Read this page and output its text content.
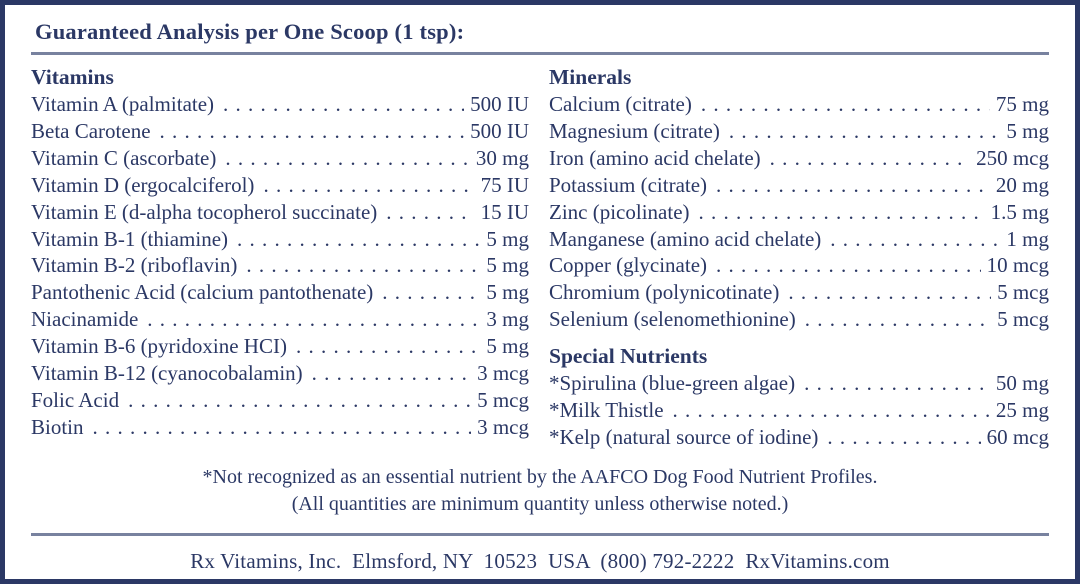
Guaranteed Analysis per One Scoop (1 tsp):
Vitamins
Vitamin A (palmitate) . .	500 IU
Beta Carotene . .	500 IU
Vitamin C (ascorbate) . .	30 mg
Vitamin D (ergocalciferol) . .	75 IU
Vitamin E (d-alpha tocopherol succinate) . .	15 IU
Vitamin B-1 (thiamine) . .	5 mg
Vitamin B-2 (riboflavin) . .	5 mg
Pantothenic Acid (calcium pantothenate) . .	5 mg
Niacinamide . .	3 mg
Vitamin B-6 (pyridoxine HCI) . .	5 mg
Vitamin B-12 (cyanocobalamin) . .	3 mcg
Folic Acid . .	5 mcg
Biotin . .	3 mcg
Minerals
Calcium (citrate) . .	75 mg
Magnesium (citrate) . .	5 mg
Iron (amino acid chelate) . .	250 mcg
Potassium (citrate) . .	20 mg
Zinc (picolinate) . .	1.5 mg
Manganese (amino acid chelate) . .	1 mg
Copper (glycinate) . .	10 mcg
Chromium (polynicotinate) . .	5 mcg
Selenium (selenomethionine) . .	5 mcg
Special Nutrients
*Spirulina (blue-green algae) . .	50 mg
*Milk Thistle . .	25 mg
*Kelp (natural source of iodine) . .	60 mcg
*Not recognized as an essential nutrient by the AAFCO Dog Food Nutrient Profiles.
(All quantities are minimum quantity unless otherwise noted.)
Rx Vitamins, Inc.  Elmsford, NY  10523  USA  (800) 792-2222  RxVitamins.com
